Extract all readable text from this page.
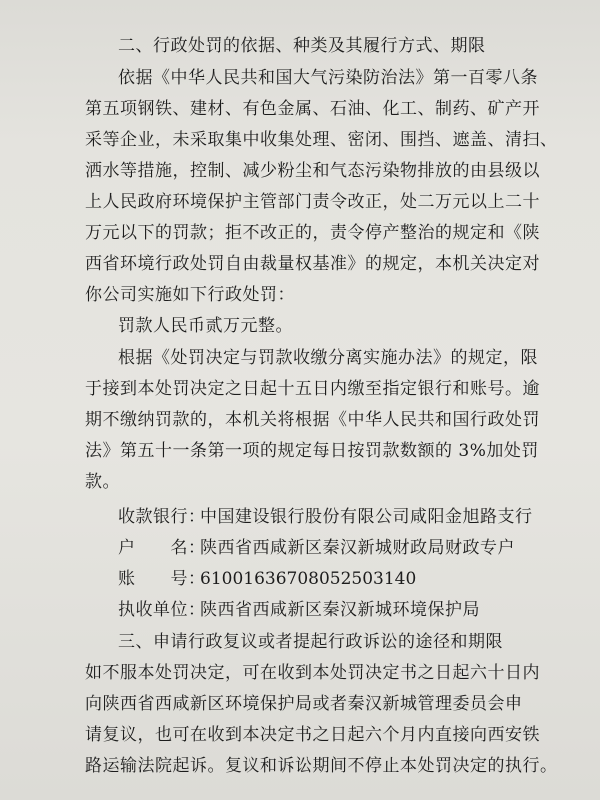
二、行政处罚的依据、种类及其履行方式、期限
依据《中华人民共和国大气污染防治法》第一百零八条
第五项钢铁、建材、有色金属、石油、化工、制药、矿产开
采等企业，未采取集中收集处理、密闭、围挡、遮盖、清扫、
洒水等措施，控制、减少粉尘和气态污染物排放的由县级以
上人民政府环境保护主管部门责令改正，处二万元以上二十
万元以下的罚款；拒不改正的，责令停产整治的规定和《陕
西省环境行政处罚自由裁量权基准》的规定，本机关决定对
你公司实施如下行政处罚：
罚款人民币贰万元整。
根据《处罚决定与罚款收缴分离实施办法》的规定，限
于接到本处罚决定之日起十五日内缴至指定银行和账号。逾
期不缴纳罚款的，本机关将根据《中华人民共和国行政处罚
法》第五十一条第一项的规定每日按罚款数额的 3%加处罚
款。
收款银行：中国建设银行股份有限公司咸阳金旭路支行
户　　名：陕西省西咸新区秦汉新城财政局财政专户
账　　号：61001636708052503140
执收单位：陕西省西咸新区秦汉新城环境保护局
三、申请行政复议或者提起行政诉讼的途径和期限
如不服本处罚决定，可在收到本处罚决定书之日起六十日内
向陕西省西咸新区环境保护局或者秦汉新城管理委员会申
请复议，也可在收到本决定书之日起六个月内直接向西安铁
路运输法院起诉。复议和诉讼期间不停止本处罚决定的执行。
